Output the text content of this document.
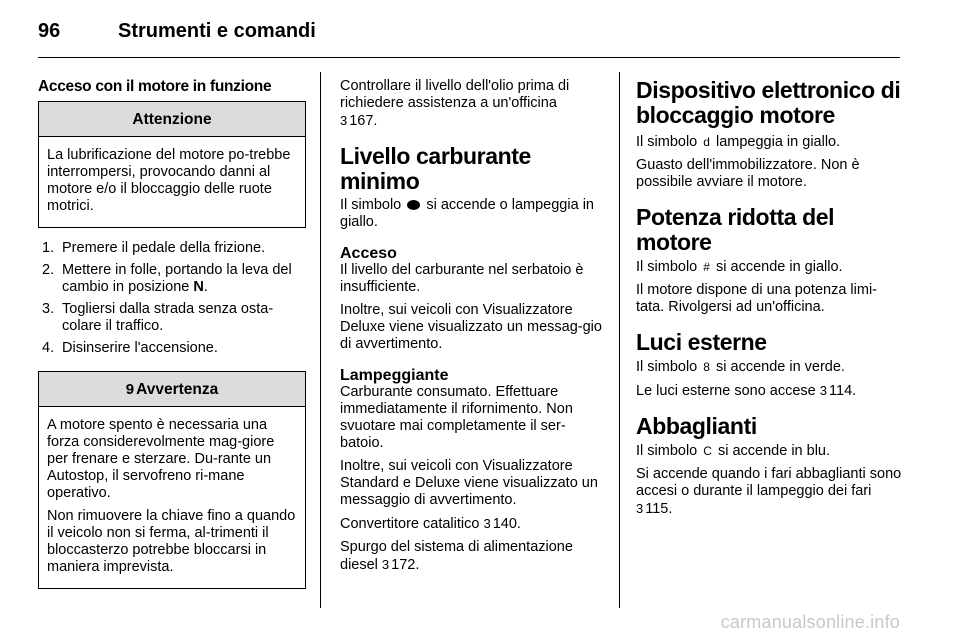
96	Strumenti e comandi
Acceso con il motore in funzione
Attenzione

La lubrificazione del motore po-trebbe interrompersi, provocando danni al motore e/o il bloccaggio delle ruote motrici.

1. Premere il pedale della frizione.
2. Mettere in folle, portando la leva del cambio in posizione N.
3. Togliersi dalla strada senza osta-colare il traffico.
4. Disinserire l'accensione.
9 Avvertenza

A motore spento è necessaria una forza considerevolmente mag-giore per frenare e sterzare. Du-rante un Autostop, il servofreno ri-mane operativo.

Non rimuovere la chiave fino a quando il veicolo non si ferma, al-trimenti il bloccasterzo potrebbe bloccarsi in maniera imprevista.

Controllare il livello dell'olio prima di richiedere assistenza a un'officina
3 167.

Livello carburante minimo

Il simbolo si accende o lampeggia in giallo.

Acceso

Il livello del carburante nel serbatoio è insufficiente.

Inoltre, sui veicoli con Visualizzatore Deluxe viene visualizzato un messag-gio di avvertimento.

Lampeggiante

Carburante consumato. Effettuare immediatamente il rifornimento. Non svuotare mai completamente il ser-batoio.

Inoltre, sui veicoli con Visualizzatore Standard e Deluxe viene visualizzato un messaggio di avvertimento.

Convertitore catalitico 3 140.

Spurgo del sistema di alimentazione diesel 3 172.

Dispositivo elettronico di bloccaggio motore

Il simbolo d lampeggia in giallo.

Guasto dell'immobilizzatore. Non è possibile avviare il motore.

Potenza ridotta del motore

Il simbolo # si accende in giallo.

Il motore dispone di una potenza limi-tata. Rivolgersi ad un'officina.

Luci esterne

Il simbolo 8 si accende in verde.

Le luci esterne sono accese 3 114.

Abbaglianti

Il simbolo C si accende in blu.

Si accende quando i fari abbaglianti sono accesi o durante il lampeggio dei fari 3 115.

carmanualsonline.info
